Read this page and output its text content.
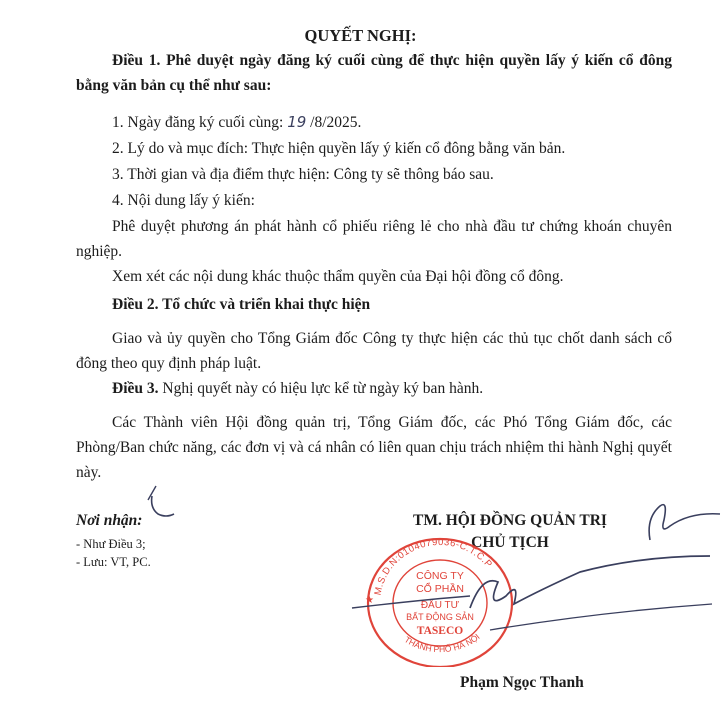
QUYẾT NGHỊ:
Điều 1. Phê duyệt ngày đăng ký cuối cùng để thực hiện quyền lấy ý kiến cổ đông bằng văn bản cụ thể như sau:
1. Ngày đăng ký cuối cùng: 19 /8/2025.
2. Lý do và mục đích: Thực hiện quyền lấy ý kiến cổ đông bằng văn bản.
3. Thời gian và địa điểm thực hiện: Công ty sẽ thông báo sau.
4. Nội dung lấy ý kiến:
Phê duyệt phương án phát hành cổ phiếu riêng lẻ cho nhà đầu tư chứng khoán chuyên nghiệp.
Xem xét các nội dung khác thuộc thẩm quyền của Đại hội đồng cổ đông.
Điều 2. Tổ chức và triển khai thực hiện
Giao và ủy quyền cho Tổng Giám đốc Công ty thực hiện các thủ tục chốt danh sách cổ đông theo quy định pháp luật.
Điều 3. Nghị quyết này có hiệu lực kể từ ngày ký ban hành.
Các Thành viên Hội đồng quản trị, Tổng Giám đốc, các Phó Tổng Giám đốc, các Phòng/Ban chức năng, các đơn vị và cá nhân có liên quan chịu trách nhiệm thi hành Nghị quyết này.
Nơi nhận:
- Như Điều 3;
- Lưu: VT, PC.
TM. HỘI ĐỒNG QUẢN TRỊ
CHỦ TỊCH
M.S.D.N:0104079036-C.T.C.P
THÀNH PHỐ HÀ NỘI
★
CÔNG TY
CỔ PHẦN
ĐẦU TƯ
BẤT ĐỘNG SẢN
TASECO
Phạm Ngọc Thanh
